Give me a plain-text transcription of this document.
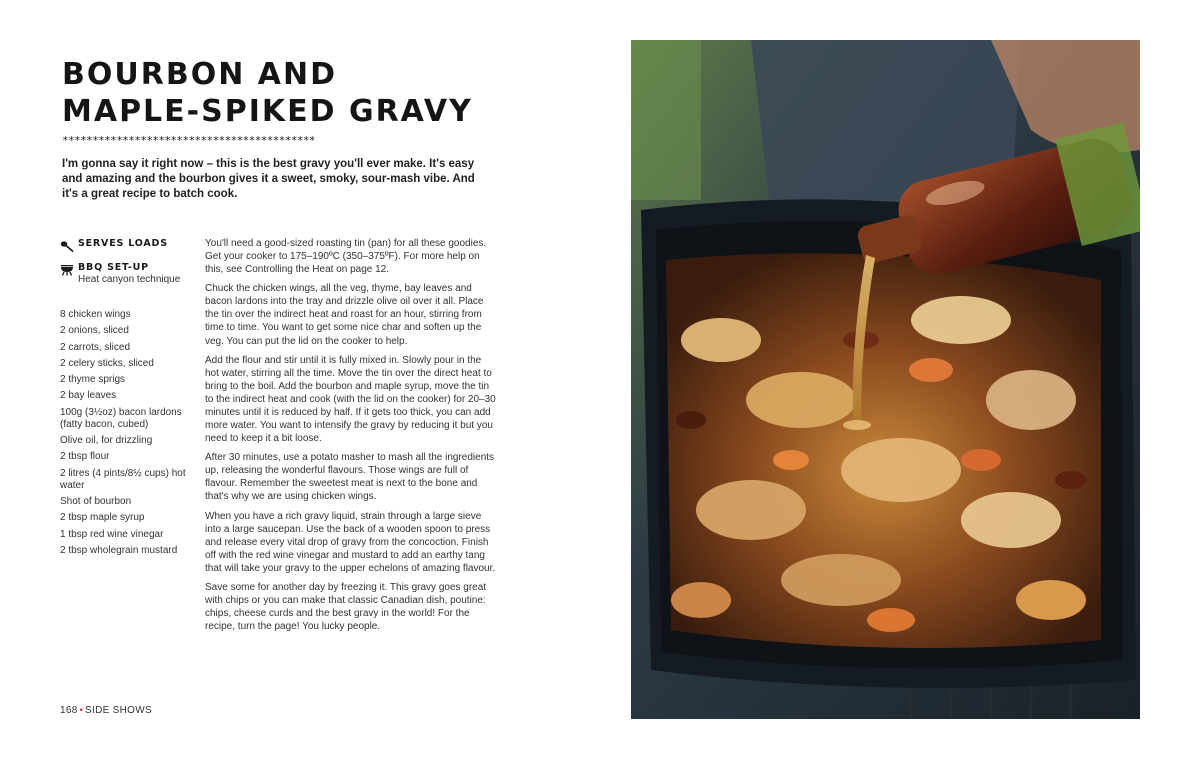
BOURBON AND
MAPLE-SPIKED GRAVY
******************************************

I'm gonna say it right now – this is the best gravy you'll ever make. It's easy and amazing and the bourbon gives it a sweet, smoky, sour-mash vibe. And it's a great recipe to batch cook.

SERVES LOADS
BBQ SET-UP
Heat canyon technique
8 chicken wings
2 onions, sliced
2 carrots, sliced
2 celery sticks, sliced
2 thyme sprigs
2 bay leaves
100g (3½oz) bacon lardons (fatty bacon, cubed)
Olive oil, for drizzling
2 tbsp flour
2 litres (4 pints/8½ cups) hot water
Shot of bourbon
2 tbsp maple syrup
1 tbsp red wine vinegar
2 tbsp wholegrain mustard

You'll need a good-sized roasting tin (pan) for all these goodies. Get your cooker to 175–190ºC (350–375ºF). For more help on this, see Controlling the Heat on page 12.

Chuck the chicken wings, all the veg, thyme, bay leaves and bacon lardons into the tray and drizzle olive oil over it all. Place the tin over the indirect heat and roast for an hour, stirring from time to time. You want to get some nice char and soften up the veg. You can put the lid on the cooker to help.

Add the flour and stir until it is fully mixed in. Slowly pour in the hot water, stirring all the time. Move the tin over the direct heat to bring to the boil. Add the bourbon and maple syrup, move the tin to the indirect heat and cook (with the lid on the cooker) for 20–30 minutes until it is reduced by half. If it gets too thick, you can add more water. You want to intensify the gravy by reducing it but you need to keep it a bit loose.

After 30 minutes, use a potato masher to mash all the ingredients up, releasing the wonderful flavours. Those wings are full of flavour. Remember the sweetest meat is next to the bone and that's why we are using chicken wings.

When you have a rich gravy liquid, strain through a large sieve into a large saucepan. Use the back of a wooden spoon to press and release every vital drop of gravy from the concoction. Finish off with the red wine vinegar and mustard to add an earthy tang that will take your gravy to the upper echelons of amazing flavour.

Save some for another day by freezing it. This gravy goes great with chips or you can make that classic Canadian dish, poutine: chips, cheese curds and the best gravy in the world! For the recipe, turn the page! You lucky people.

168 • SIDE SHOWS
